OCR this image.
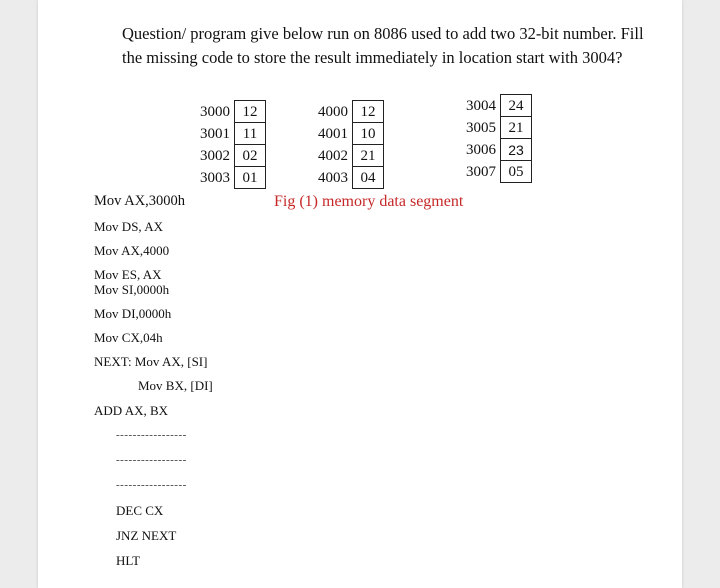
Question/ program give below run on 8086 used to add two 32-bit number. Fill the missing code to store the result immediately in location start with 3004?

3000	12
3001	11
3002	02
3003	01
4000	12
4001	10
4002	21
4003	04
3004	24
3005	21
3006	23
3007	05

Fig (1) memory data segment

Mov AX,3000h

Mov DS, AX

Mov AX,4000

Mov ES, AX

Mov SI,0000h

Mov DI,0000h

Mov CX,04h

NEXT: Mov AX, [SI]

Mov BX, [DI]

ADD AX, BX

-----------------

-----------------

-----------------

DEC CX

JNZ NEXT

HLT
